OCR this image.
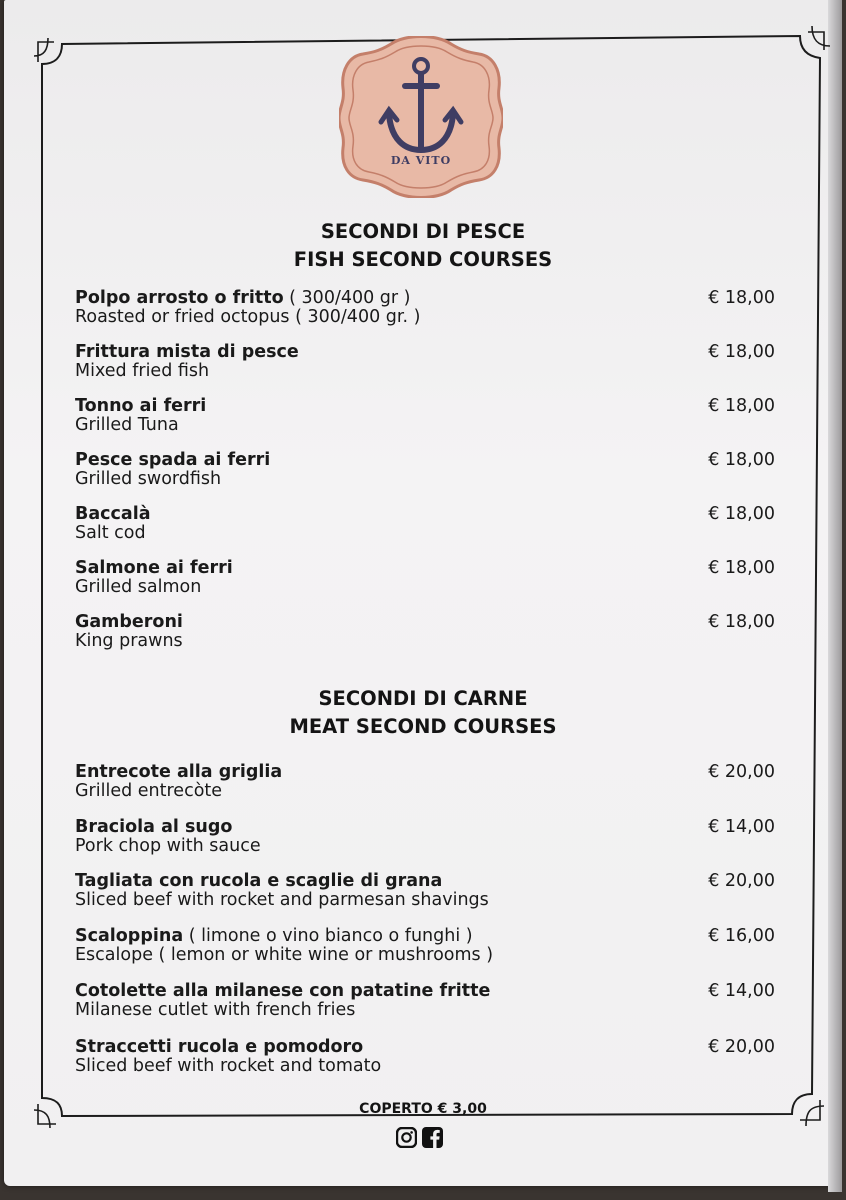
DA VITO
SECONDI DI PESCE
FISH SECOND COURSES
Polpo arrosto o fritto ( 300/400 gr )
Roasted or fried octopus ( 300/400 gr. )
€ 18,00
Frittura mista di pesce
Mixed fried fish
€ 18,00
Tonno ai ferri
Grilled Tuna
€ 18,00
Pesce spada ai ferri
Grilled swordfish
€ 18,00
Baccalà
Salt cod
€ 18,00
Salmone ai ferri
Grilled salmon
€ 18,00
Gamberoni
King prawns
€ 18,00
SECONDI DI CARNE
MEAT SECOND COURSES
Entrecote alla griglia
Grilled entrecòte
€ 20,00
Braciola al sugo
Pork chop with sauce
€ 14,00
Tagliata con rucola e scaglie di grana
Sliced beef with rocket and parmesan shavings
€ 20,00
Scaloppina ( limone o vino bianco o funghi )
Escalope ( lemon or white wine or mushrooms )
€ 16,00
Cotolette alla milanese con patatine fritte
Milanese cutlet with french fries
€ 14,00
Straccetti rucola e pomodoro
Sliced beef with rocket and tomato
€ 20,00
COPERTO € 3,00
